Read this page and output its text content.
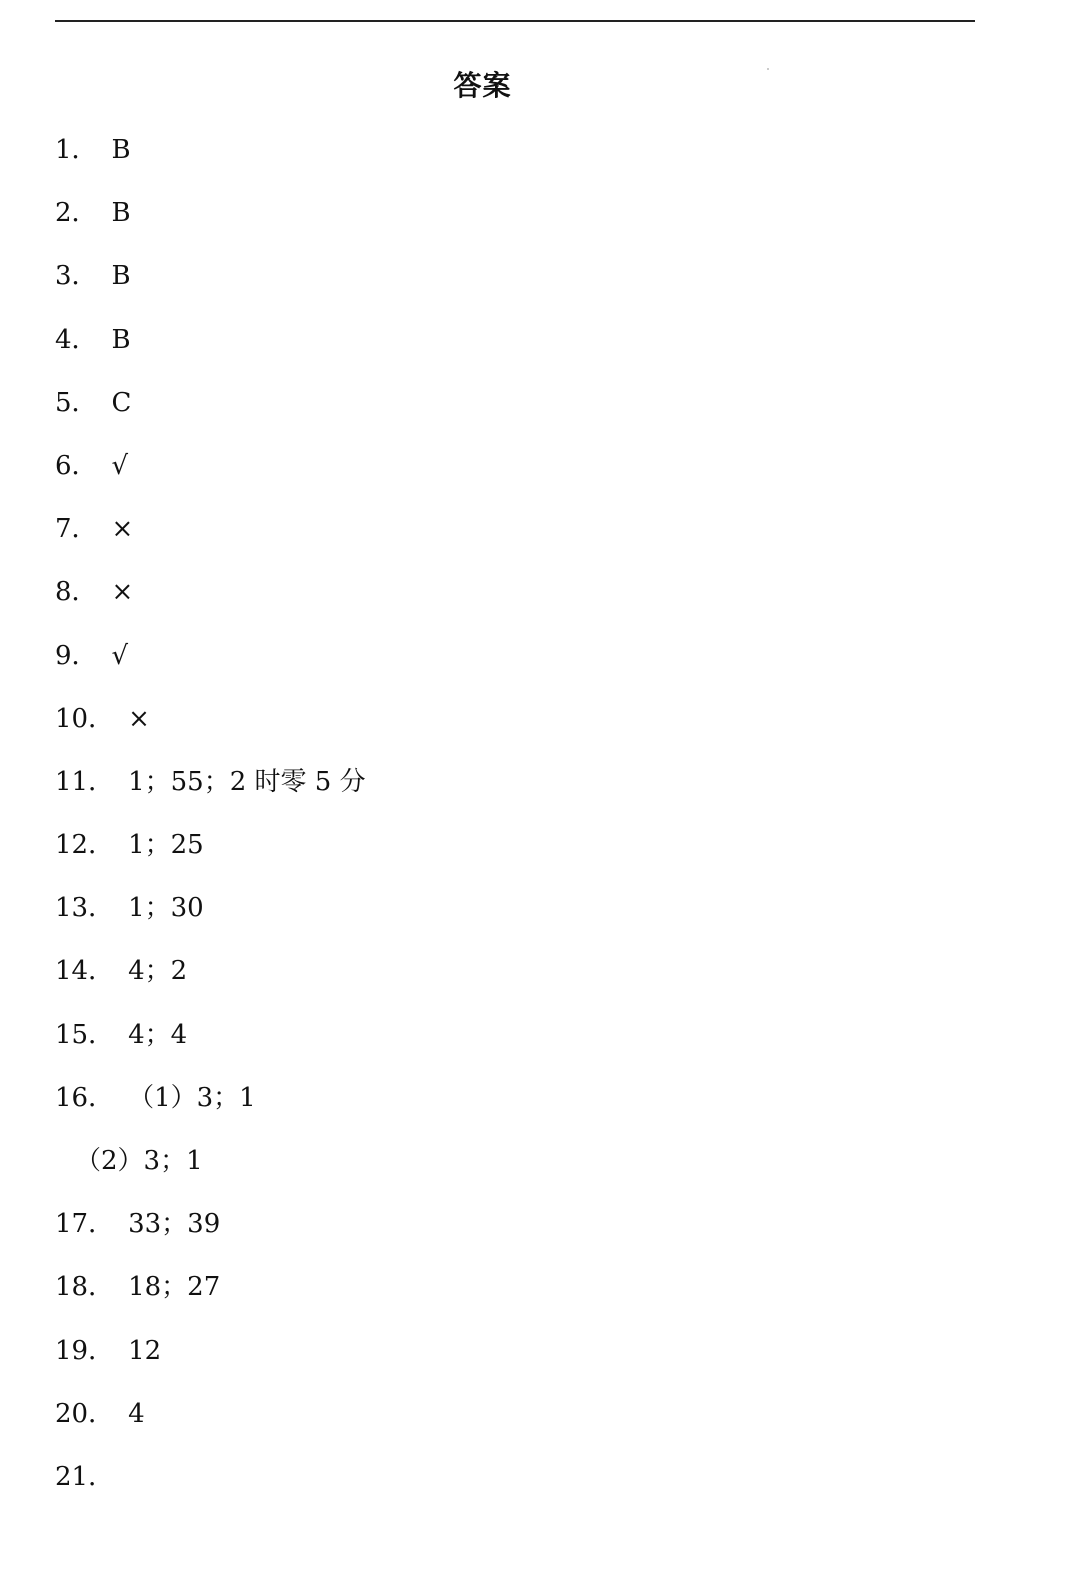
答案
1． B
2． B
3． B
4． B
5． C
6． √
7． ×
8． ×
9． √
10． ×
11． 1；55；2 时零 5 分
12． 1；25
13． 1；30
14． 4；2
15． 4；4
16． （1）3；1
（2）3；1
17． 33；39
18． 18；27
19． 12
20． 4
21．
